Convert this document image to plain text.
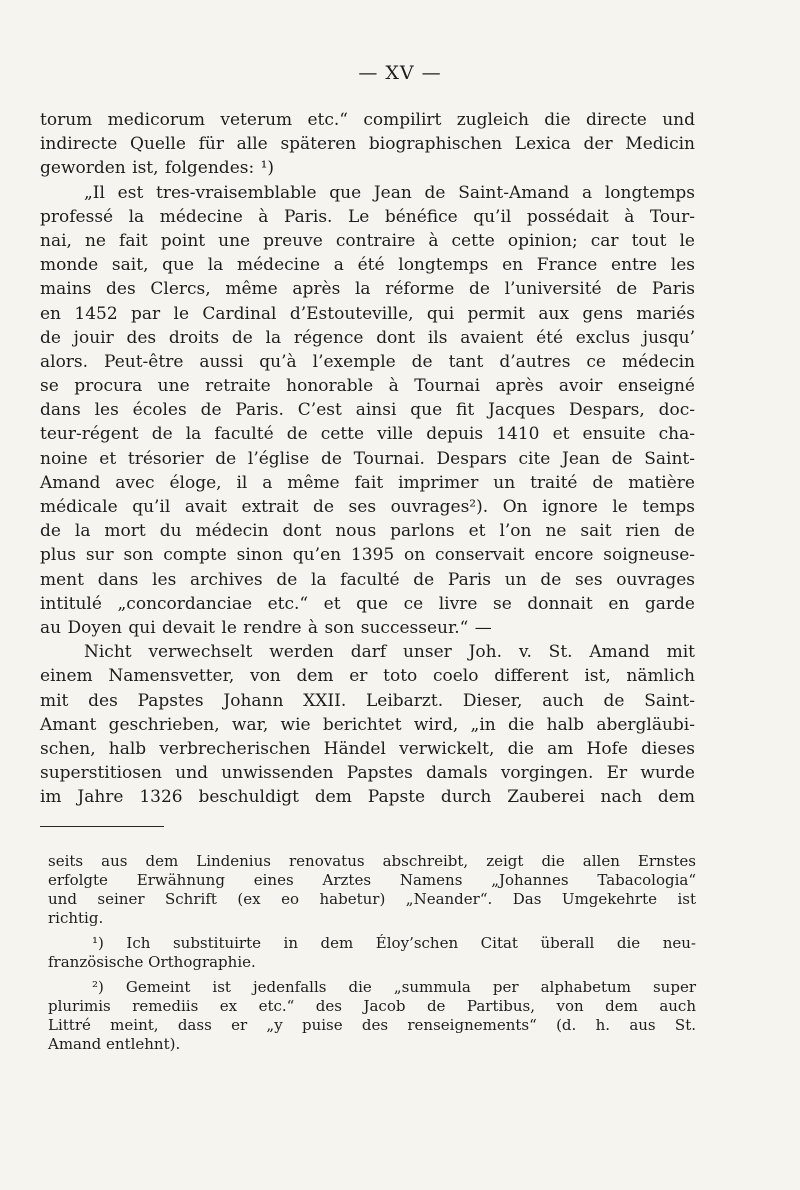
— XV —
torum medicorum veterum etc.“ compilirt zugleich die directe und
indirecte Quelle für alle späteren biographischen Lexica der Medicin
geworden ist, folgendes: ¹)
„Il est tres-vraisemblable que Jean de Saint-Amand a longtemps
professé la médecine à Paris. Le bénéfice qu’il possédait à Tour-
nai, ne fait point une preuve contraire à cette opinion; car tout le
monde sait, que la médecine a été longtemps en France entre les
mains des Clercs, même après la réforme de l’université de Paris
en 1452 par le Cardinal d’Estouteville, qui permit aux gens mariés
de jouir des droits de la régence dont ils avaient été exclus jusqu’
alors. Peut-être aussi qu’à l’exemple de tant d’autres ce médecin
se procura une retraite honorable à Tournai après avoir enseigné
dans les écoles de Paris. C’est ainsi que fit Jacques Despars, doc-
teur-régent de la faculté de cette ville depuis 1410 et ensuite cha-
noine et trésorier de l’église de Tournai. Despars cite Jean de Saint-
Amand avec éloge, il a même fait imprimer un traité de matière
médicale qu’il avait extrait de ses ouvrages²). On ignore le temps
de la mort du médecin dont nous parlons et l’on ne sait rien de
plus sur son compte sinon qu’en 1395 on conservait encore soigneuse-
ment dans les archives de la faculté de Paris un de ses ouvrages
intitulé „concordanciae etc.“ et que ce livre se donnait en garde
au Doyen qui devait le rendre à son successeur.“ —
Nicht verwechselt werden darf unser Joh. v. St. Amand mit
einem Namensvetter, von dem er toto coelo different ist, nämlich
mit des Papstes Johann XXII. Leibarzt. Dieser, auch de Saint-
Amant geschrieben, war, wie berichtet wird, „in die halb abergläubi-
schen, halb verbrecherischen Händel verwickelt, die am Hofe dieses
superstitiosen und unwissenden Papstes damals vorgingen. Er wurde
im Jahre 1326 beschuldigt dem Papste durch Zauberei nach dem
seits aus dem Lindenius renovatus abschreibt, zeigt die allen Ernstes
erfolgte Erwähnung eines Arztes Namens „Johannes Tabacologia“
und seiner Schrift (ex eo habetur) „Neander“. Das Umgekehrte ist
richtig.
¹) Ich substituirte in dem Éloy’schen Citat überall die neu-
französische Orthographie.
²) Gemeint ist jedenfalls die „summula per alphabetum super
plurimis remediis ex etc.“ des Jacob de Partibus, von dem auch
Littré meint, dass er „y puise des renseignements“ (d. h. aus St.
Amand entlehnt).
